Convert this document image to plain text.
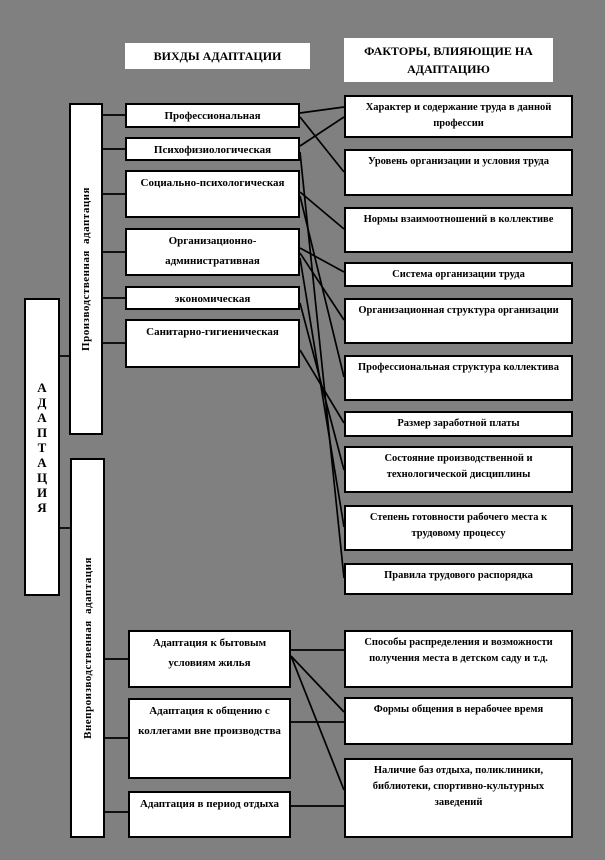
ВИХДЫ АДАПТАЦИИ	ФАКТОРЫ, ВЛИЯЮЩИЕ НА АДАПТАЦИЮ
А
Д
А
П
Т
А
Ц
И
Я
Производственная адаптация
Внепроизводственная адаптация
Профессиональная
Психофизиологическая
Социально-психологическая
Организационно-административная
экономическая
Санитарно-гигиеническая
Адаптация к бытовым условиям жилья
Адаптация к общению с коллегами вне производства
Адаптация в период отдыха
Характер и содержание труда в данной профессии
Уровень организации и условия труда
Нормы взаимоотношений в коллективе
Система организации труда
Организационная структура организации
Профессиональная структура коллектива
Размер заработной платы
Состояние производственной и технологической дисциплины
Степень готовности рабочего места к трудовому процессу
Правила трудового распорядка
Способы распределения и возможности получения места в детском саду и т.д.
Формы общения в нерабочее время
Наличие баз отдыха, поликлиники, библиотеки, спортивно-культурных заведений
